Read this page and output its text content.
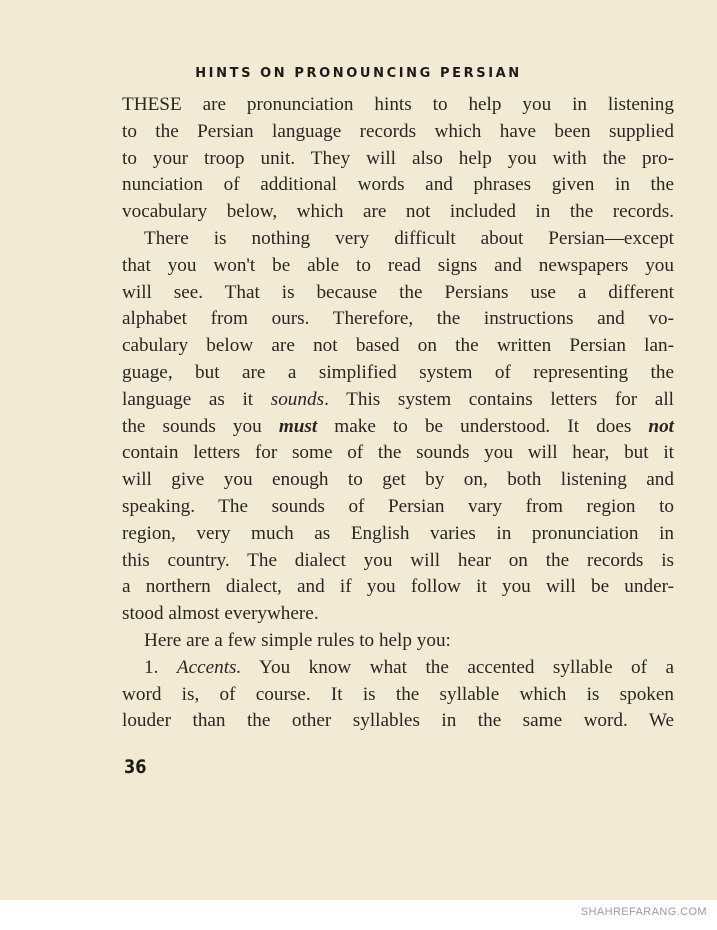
HINTS ON PRONOUNCING PERSIAN
THESE are pronunciation hints to help you in listening
to the Persian language records which have been supplied
to your troop unit. They will also help you with the pro-
nunciation of additional words and phrases given in the
vocabulary below, which are not included in the records.
There is nothing very difficult about Persian—except
that you won't be able to read signs and newspapers you
will see. That is because the Persians use a different
alphabet from ours. Therefore, the instructions and vo-
cabulary below are not based on the written Persian lan-
guage, but are a simplified system of representing the
language as it sounds. This system contains letters for all
the sounds you must make to be understood. It does not
contain letters for some of the sounds you will hear, but it
will give you enough to get by on, both listening and
speaking. The sounds of Persian vary from region to
region, very much as English varies in pronunciation in
this country. The dialect you will hear on the records is
a northern dialect, and if you follow it you will be under-
stood almost everywhere.
Here are a few simple rules to help you:
1. Accents. You know what the accented syllable of a
word is, of course. It is the syllable which is spoken
louder than the other syllables in the same word. We
36
SHAHREFARANG.COM
